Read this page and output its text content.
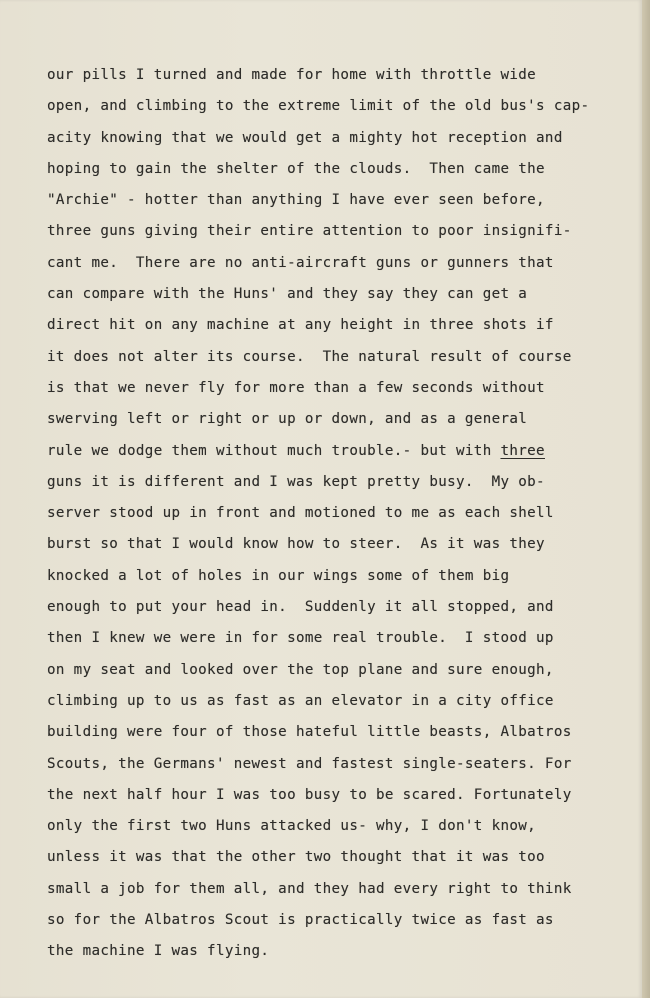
our pills I turned and made for home with throttle wide
open, and climbing to the extreme limit of the old bus's cap-
acity knowing that we would get a mighty hot reception and
hoping to gain the shelter of the clouds.  Then came the
"Archie" - hotter than anything I have ever seen before,
three guns giving their entire attention to poor insignifi-
cant me.  There are no anti-aircraft guns or gunners that
can compare with the Huns' and they say they can get a
direct hit on any machine at any height in three shots if
it does not alter its course.  The natural result of course
is that we never fly for more than a few seconds without
swerving left or right or up or down, and as a general
rule we dodge them without much trouble.- but with three
guns it is different and I was kept pretty busy.  My ob-
server stood up in front and motioned to me as each shell
burst so that I would know how to steer.  As it was they
knocked a lot of holes in our wings some of them big
enough to put your head in.  Suddenly it all stopped, and
then I knew we were in for some real trouble.  I stood up
on my seat and looked over the top plane and sure enough,
climbing up to us as fast as an elevator in a city office
building were four of those hateful little beasts, Albatros
Scouts, the Germans' newest and fastest single-seaters. For
the next half hour I was too busy to be scared. Fortunately
only the first two Huns attacked us- why, I don't know,
unless it was that the other two thought that it was too
small a job for them all, and they had every right to think
so for the Albatros Scout is practically twice as fast as
the machine I was flying.
